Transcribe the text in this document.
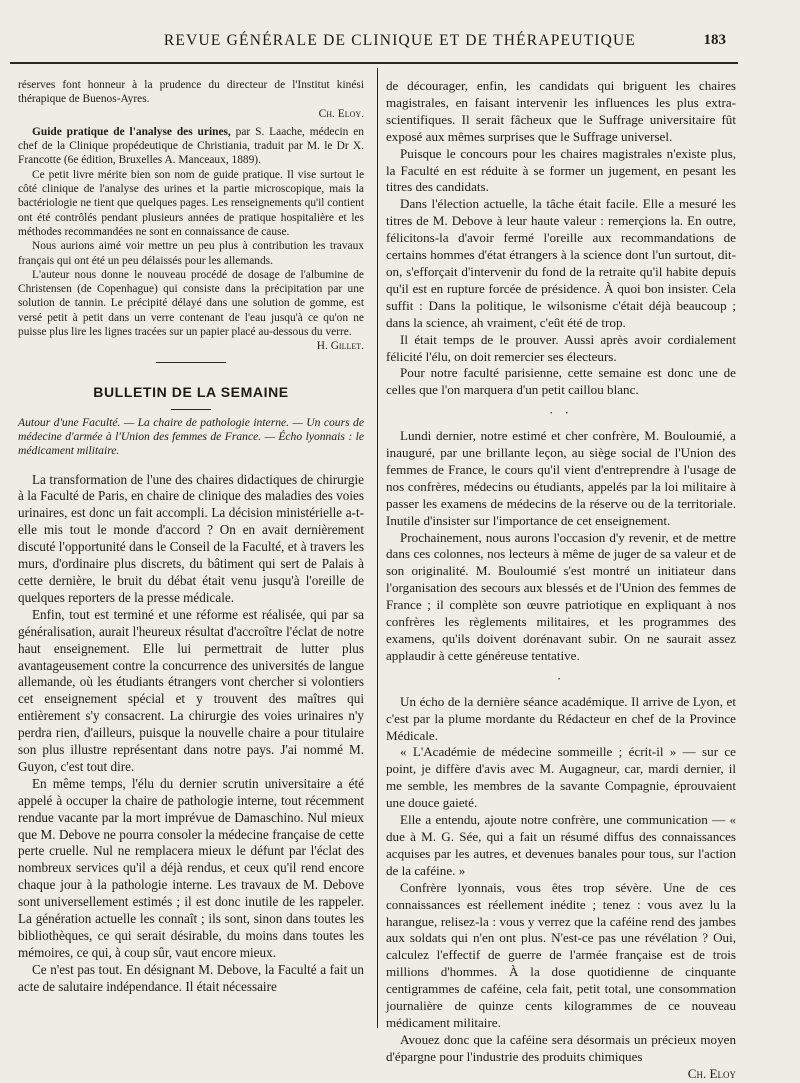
REVUE GÉNÉRALE DE CLINIQUE ET DE THÉRAPEUTIQUE	183

réserves font honneur à la prudence du directeur de l'Institut kinési thérapique de Buenos-Ayres.

Ch. Eloy.

Guide pratique de l'analyse des urines, par S. Laache, médecin en chef de la Clinique propédeutique de Christiania, traduit par M. le Dr X. Francotte (6e édition, Bruxelles A. Manceaux, 1889).

Ce petit livre mérite bien son nom de guide pratique. Il vise surtout le côté clinique de l'analyse des urines et la partie microscopique, mais la bactériologie ne tient que quelques pages. Les renseignements qu'il contient ont été contrôlés pendant plusieurs années de pratique hospitalière et les méthodes recommandées ne sont en connaissance de cause.

Nous aurions aimé voir mettre un peu plus à contribution les travaux français qui ont été un peu délaissés pour les allemands.

L'auteur nous donne le nouveau procédé de dosage de l'albumine de Christensen (de Copenhague) qui consiste dans la précipitation par une solution de tannin. Le précipité délayé dans une solution de gomme, est versé petit à petit dans un verre contenant de l'eau jusqu'à ce qu'on ne puisse plus lire les lignes tracées sur un papier placé au-dessous du verre.

H. Gillet.
BULLETIN DE LA SEMAINE
Autour d'une Faculté. — La chaire de pathologie interne. — Un cours de médecine d'armée à l'Union des femmes de France. — Écho lyonnais : le médicament militaire.

La transformation de l'une des chaires didactiques de chirurgie à la Faculté de Paris, en chaire de clinique des maladies des voies urinaires, est donc un fait accompli. La décision ministérielle a-t-elle mis tout le monde d'accord ? On en avait dernièrement discuté l'opportunité dans le Conseil de la Faculté, et à travers les murs, d'ordinaire plus discrets, du bâtiment qui sert de Palais à cette dernière, le bruit du débat était venu jusqu'à l'oreille de quelques reporters de la presse médicale.

Enfin, tout est terminé et une réforme est réalisée, qui par sa généralisation, aurait l'heureux résultat d'accroître l'éclat de notre haut enseignement. Elle lui permettrait de lutter plus avantageusement contre la concurrence des universités de langue allemande, où les étudiants étrangers vont chercher si volontiers cet enseignement spécial et y trouvent des maîtres qui entièrement s'y consacrent. La chirurgie des voies urinaires n'y perdra rien, d'ailleurs, puisque la nouvelle chaire a pour titulaire son plus illustre représentant dans notre pays. J'ai nommé M. Guyon, c'est tout dire.

En même temps, l'élu du dernier scrutin universitaire a été appelé à occuper la chaire de pathologie interne, tout récemment rendue vacante par la mort imprévue de Damaschino. Nul mieux que M. Debove ne pourra consoler la médecine française de cette perte cruelle. Nul ne remplacera mieux le défunt par l'éclat des nombreux services qu'il a déjà rendus, et ceux qu'il rend encore chaque jour à la pathologie interne. Les travaux de M. Debove sont universellement estimés ; il est donc inutile de les rappeler. La génération actuelle les connaît ; ils sont, sinon dans toutes les bibliothèques, ce qui serait désirable, du moins dans toutes les mémoires, ce qui, à coup sûr, vaut encore mieux.

Ce n'est pas tout. En désignant M. Debove, la Faculté a fait un acte de salutaire indépendance. Il était nécessaire

de décourager, enfin, les candidats qui briguent les chaires magistrales, en faisant intervenir les influences les plus extra-scientifiques. Il serait fâcheux que le Suffrage universitaire fût exposé aux mêmes surprises que le Suffrage universel.

Puisque le concours pour les chaires magistrales n'existe plus, la Faculté en est réduite à se former un jugement, en pesant les titres des candidats.

Dans l'élection actuelle, la tâche était facile. Elle a mesuré les titres de M. Debove à leur haute valeur : remerçions la. En outre, félicitons-la d'avoir fermé l'oreille aux recommandations de certains hommes d'état étrangers à la science dont l'un surtout, dit-on, s'efforçait d'intervenir du fond de la retraite qu'il habite depuis qu'il est en rupture forcée de présidence. À quoi bon insister. Cela suffit : Dans la politique, le wilsonisme c'était déjà beaucoup ; dans la science, ah vraiment, c'eût été de trop.

Il était temps de le prouver. Aussi après avoir cordialement félicité l'élu, on doit remercier ses électeurs.

Pour notre faculté parisienne, cette semaine est donc une de celles que l'on marquera d'un petit caillou blanc.

· ·

Lundi dernier, notre estimé et cher confrère, M. Bouloumié, a inauguré, par une brillante leçon, au siège social de l'Union des femmes de France, le cours qu'il vient d'entreprendre à l'usage de nos confrères, médecins ou étudiants, appelés par la loi militaire à passer les examens de médecins de la réserve ou de la territoriale. Inutile d'insister sur l'importance de cet enseignement.

Prochainement, nous aurons l'occasion d'y revenir, et de mettre dans ces colonnes, nos lecteurs à même de juger de sa valeur et de son originalité. M. Bouloumié s'est montré un initiateur dans l'organisation des secours aux blessés et de l'Union des femmes de France ; il complète son œuvre patriotique en expliquant à nos confrères les règlements militaires, et les programmes des examens, qu'ils doivent dorénavant subir. On ne saurait assez applaudir à cette généreuse tentative.

·

Un écho de la dernière séance académique. Il arrive de Lyon, et c'est par la plume mordante du Rédacteur en chef de la Province Médicale.

« L'Académie de médecine sommeille ; écrit-il » — sur ce point, je diffère d'avis avec M. Augagneur, car, mardi dernier, il me semble, les membres de la savante Compagnie, éprouvaient une douce gaieté.

Elle a entendu, ajoute notre confrère, une communication — « due à M. G. Sée, qui a fait un résumé diffus des connaissances acquises par les autres, et devenues banales pour tous, sur l'action de la caféine. »

Confrère lyonnais, vous êtes trop sévère. Une de ces connaissances est réellement inédite ; tenez : vous avez lu la harangue, relisez-la : vous y verrez que la caféine rend des jambes aux soldats qui n'en ont plus. N'est-ce pas une révélation ? Oui, calculez l'effectif de guerre de l'armée française est de trois millions d'hommes. À la dose quotidienne de cinquante centigrammes de caféine, cela fait, petit total, une consommation journalière de quinze cents kilogrammes de ce nouveau médicament militaire.

Avouez donc que la caféine sera désormais un précieux moyen d'épargne pour l'industrie des produits chimiques

Ch. Eloy
